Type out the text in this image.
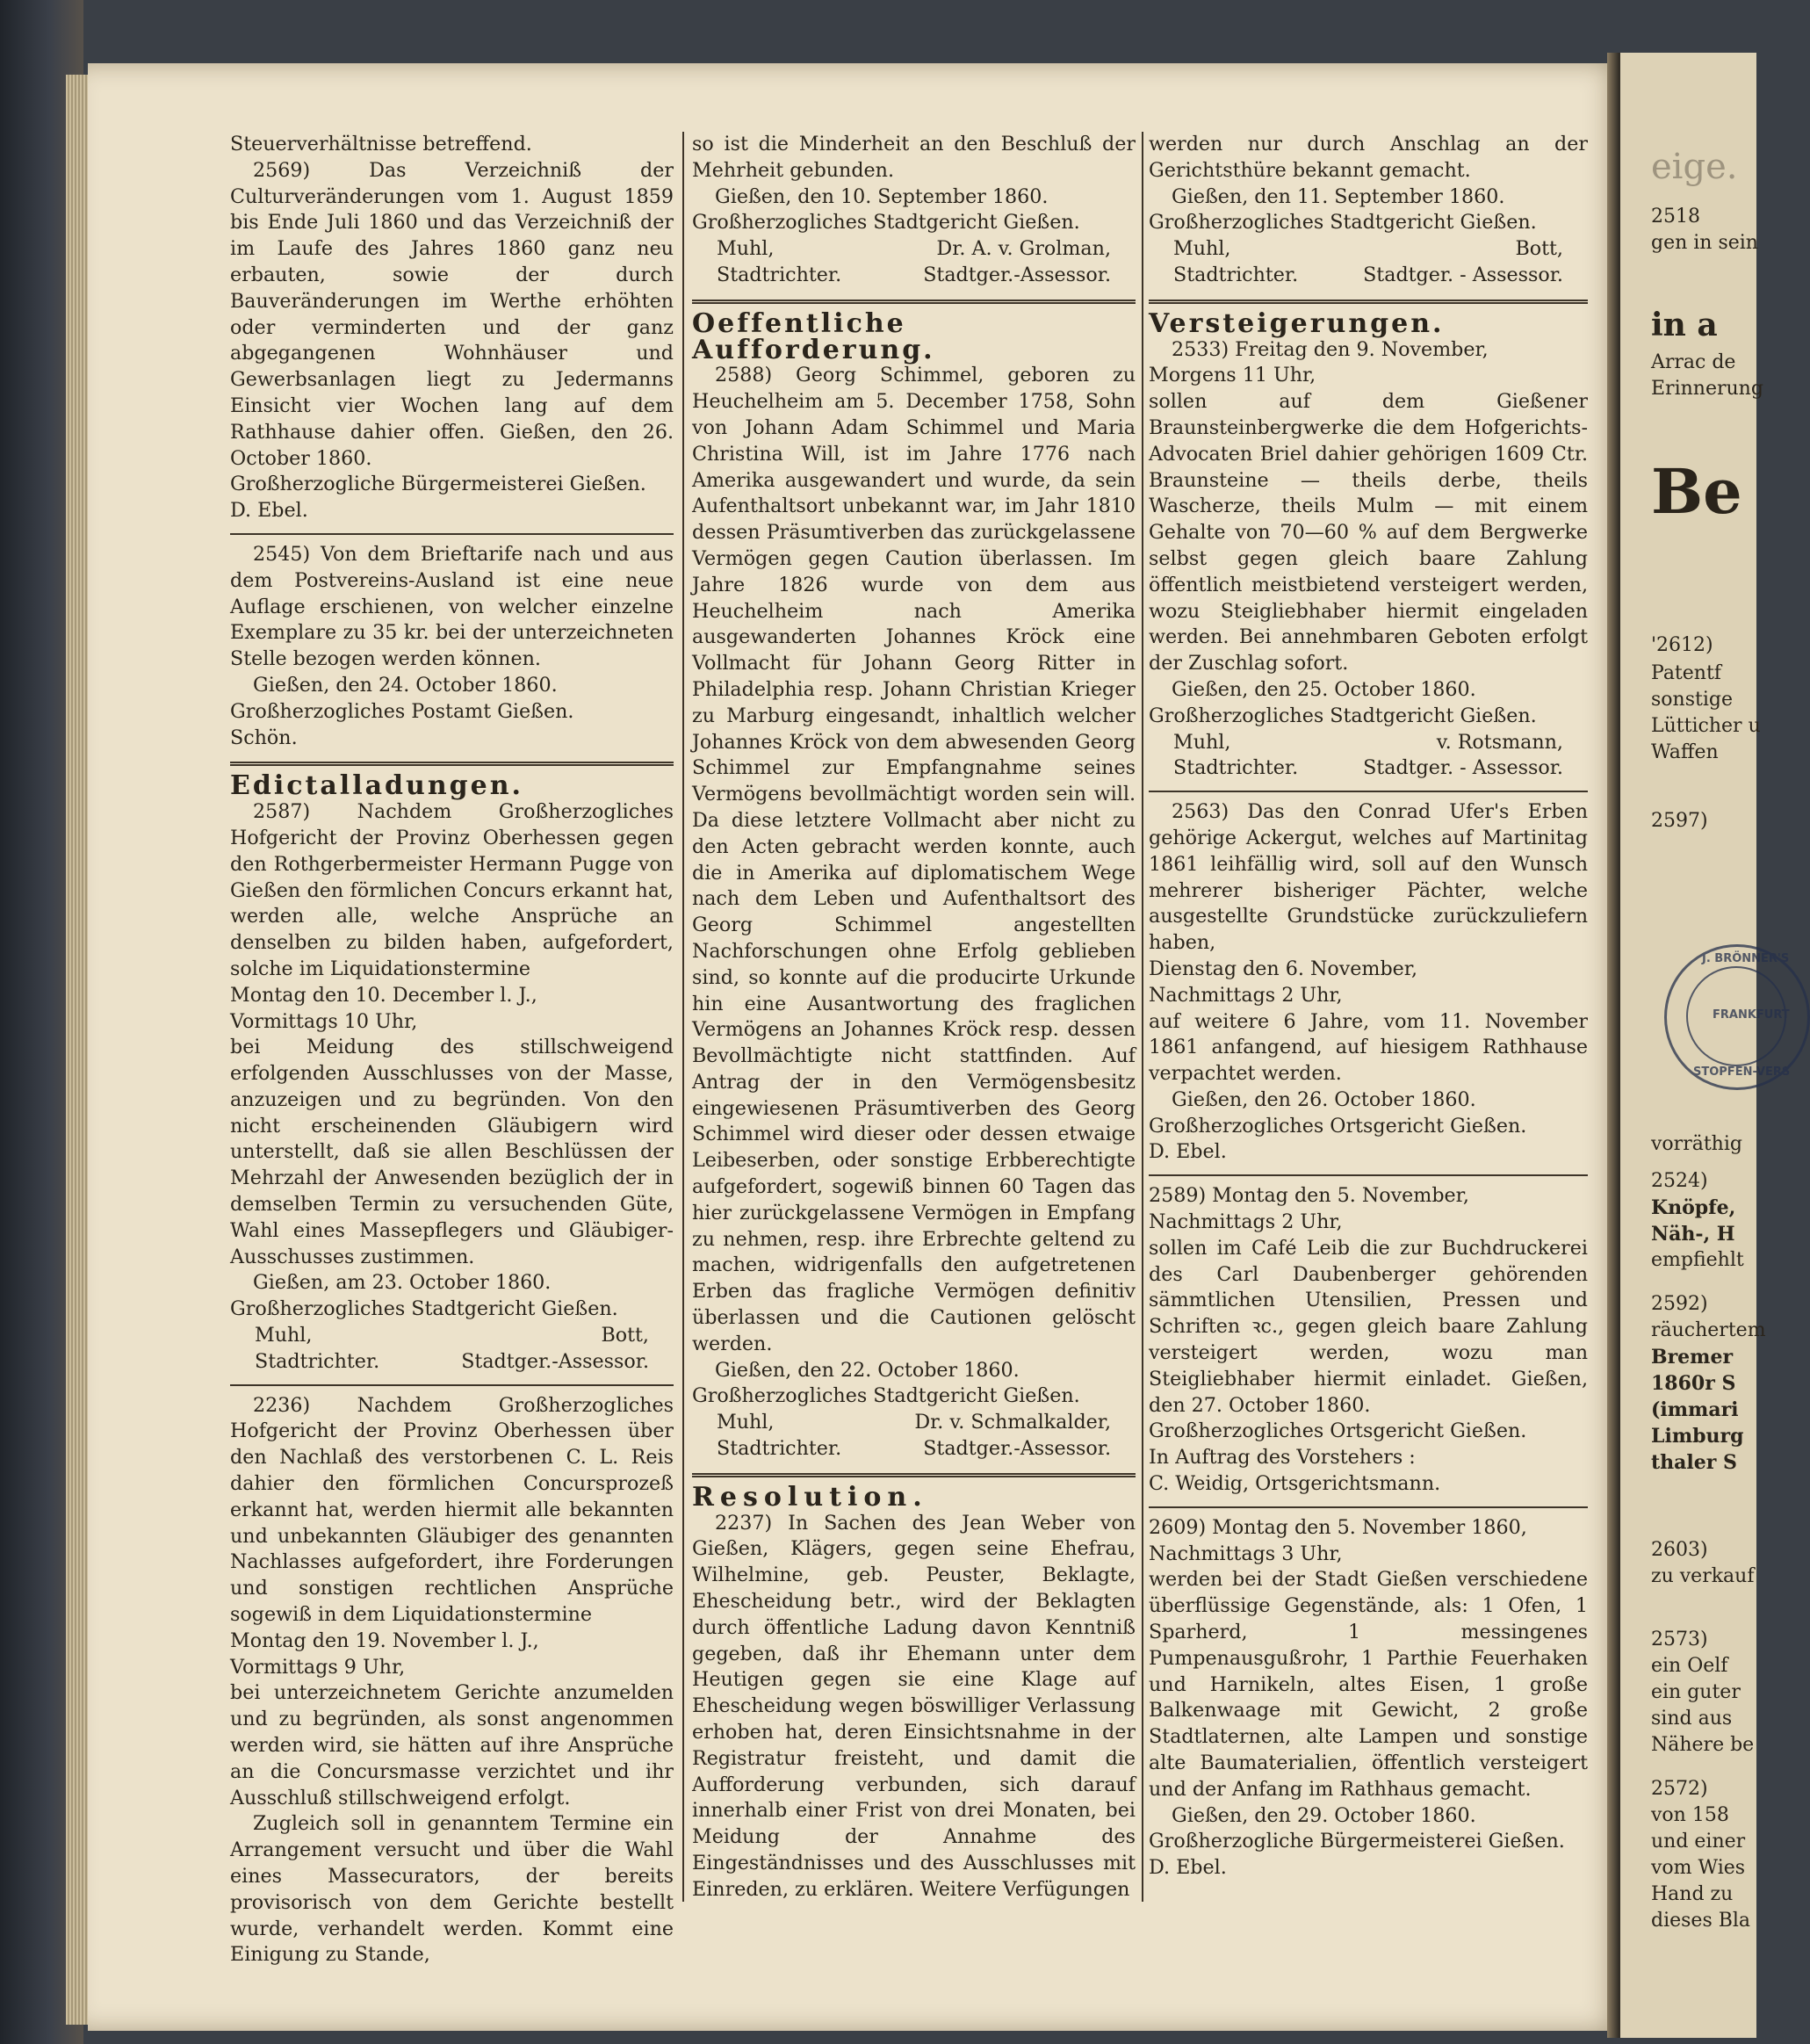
Steuerverhältnisse betreffend.

2569) Das Verzeichniß der Culturveränderungen vom 1. August 1859 bis Ende Juli 1860 und das Verzeichniß der im Laufe des Jahres 1860 ganz neu erbauten, sowie der durch Bauveränderungen im Werthe erhöhten oder verminderten und der ganz abgegangenen Wohnhäuser und Gewerbsanlagen liegt zu Jedermanns Einsicht vier Wochen lang auf dem Rathhause dahier offen. Gießen, den 26. October 1860.

Großherzogliche Bürgermeisterei Gießen.

D. Ebel.

2545) Von dem Brieftarife nach und aus dem Postvereins-Ausland ist eine neue Auflage erschienen, von welcher einzelne Exemplare zu 35 kr. bei der unterzeichneten Stelle bezogen werden können.

Gießen, den 24. October 1860.

Großherzogliches Postamt Gießen.

Schön.

Edictalladungen.

2587) Nachdem Großherzogliches Hofgericht der Provinz Oberhessen gegen den Rothgerbermeister Hermann Pugge von Gießen den förmlichen Concurs erkannt hat, werden alle, welche Ansprüche an denselben zu bilden haben, aufgefordert, solche im Liquidationstermine

Montag den 10. December l. J.,

Vormittags 10 Uhr,

bei Meidung des stillschweigend erfolgenden Ausschlusses von der Masse, anzuzeigen und zu begründen. Von den nicht erscheinenden Gläubigern wird unterstellt, daß sie allen Beschlüssen der Mehrzahl der Anwesenden bezüglich der in demselben Termin zu versuchenden Güte, Wahl eines Massepflegers und Gläubiger-Ausschusses zustimmen.

Gießen, am 23. October 1860.

Großherzogliches Stadtgericht Gießen.

Muhl,	Bott,
Stadtrichter.	Stadtger.-Assessor.

2236) Nachdem Großherzogliches Hofgericht der Provinz Oberhessen über den Nachlaß des verstorbenen C. L. Reis dahier den förmlichen Concursprozeß erkannt hat, werden hiermit alle bekannten und unbekannten Gläubiger des genannten Nachlasses aufgefordert, ihre Forderungen und sonstigen rechtlichen Ansprüche sogewiß in dem Liquidationstermine

Montag den 19. November l. J.,

Vormittags 9 Uhr,

bei unterzeichnetem Gerichte anzumelden und zu begründen, als sonst angenommen werden wird, sie hätten auf ihre Ansprüche an die Concursmasse verzichtet und ihr Ausschluß stillschweigend erfolgt.

Zugleich soll in genanntem Termine ein Arrangement versucht und über die Wahl eines Massecurators, der bereits provisorisch von dem Gerichte bestellt wurde, verhandelt werden. Kommt eine Einigung zu Stande,

so ist die Minderheit an den Beschluß der Mehrheit gebunden.

Gießen, den 10. September 1860.

Großherzogliches Stadtgericht Gießen.

Muhl,	Dr. A. v. Grolman,
Stadtrichter.	Stadtger.-Assessor.

Oeffentliche Aufforderung.

2588) Georg Schimmel, geboren zu Heuchelheim am 5. December 1758, Sohn von Johann Adam Schimmel und Maria Christina Will, ist im Jahre 1776 nach Amerika ausgewandert und wurde, da sein Aufenthaltsort unbekannt war, im Jahr 1810 dessen Präsumtiverben das zurückgelassene Vermögen gegen Caution überlassen. Im Jahre 1826 wurde von dem aus Heuchelheim nach Amerika ausgewanderten Johannes Kröck eine Vollmacht für Johann Georg Ritter in Philadelphia resp. Johann Christian Krieger zu Marburg eingesandt, inhaltlich welcher Johannes Kröck von dem abwesenden Georg Schimmel zur Empfangnahme seines Vermögens bevollmächtigt worden sein will. Da diese letztere Vollmacht aber nicht zu den Acten gebracht werden konnte, auch die in Amerika auf diplomatischem Wege nach dem Leben und Aufenthaltsort des Georg Schimmel angestellten Nachforschungen ohne Erfolg geblieben sind, so konnte auf die producirte Urkunde hin eine Ausantwortung des fraglichen Vermögens an Johannes Kröck resp. dessen Bevollmächtigte nicht stattfinden. Auf Antrag der in den Vermögensbesitz eingewiesenen Präsumtiverben des Georg Schimmel wird dieser oder dessen etwaige Leibeserben, oder sonstige Erbberechtigte aufgefordert, sogewiß binnen 60 Tagen das hier zurückgelassene Vermögen in Empfang zu nehmen, resp. ihre Erbrechte geltend zu machen, widrigenfalls den aufgetretenen Erben das fragliche Vermögen definitiv überlassen und die Cautionen gelöscht werden.

Gießen, den 22. October 1860.

Großherzogliches Stadtgericht Gießen.

Muhl,	Dr. v. Schmalkalder,
Stadtrichter.	Stadtger.-Assessor.

Resolution.

2237) In Sachen des Jean Weber von Gießen, Klägers, gegen seine Ehefrau, Wilhelmine, geb. Peuster, Beklagte, Ehescheidung betr., wird der Beklagten durch öffentliche Ladung davon Kenntniß gegeben, daß ihr Ehemann unter dem Heutigen gegen sie eine Klage auf Ehescheidung wegen böswilliger Verlassung erhoben hat, deren Einsichtsnahme in der Registratur freisteht, und damit die Aufforderung verbunden, sich darauf innerhalb einer Frist von drei Monaten, bei Meidung der Annahme des Eingeständnisses und des Ausschlusses mit Einreden, zu erklären. Weitere Verfügungen

werden nur durch Anschlag an der Gerichtsthüre bekannt gemacht.

Gießen, den 11. September 1860.

Großherzogliches Stadtgericht Gießen.

Muhl,	Bott,
Stadtrichter.	Stadtger. - Assessor.

Versteigerungen.

2533) Freitag den 9. November,

Morgens 11 Uhr,

sollen auf dem Gießener Braunsteinbergwerke die dem Hofgerichts-Advocaten Briel dahier gehörigen 1609 Ctr. Braunsteine — theils derbe, theils Wascherze, theils Mulm — mit einem Gehalte von 70—60 % auf dem Bergwerke selbst gegen gleich baare Zahlung öffentlich meistbietend versteigert werden, wozu Steigliebhaber hiermit eingeladen werden. Bei annehmbaren Geboten erfolgt der Zuschlag sofort.

Gießen, den 25. October 1860.

Großherzogliches Stadtgericht Gießen.

Muhl,	v. Rotsmann,
Stadtrichter.	Stadtger. - Assessor.

2563) Das den Conrad Ufer's Erben gehörige Ackergut, welches auf Martinitag 1861 leihfällig wird, soll auf den Wunsch mehrerer bisheriger Pächter, welche ausgestellte Grundstücke zurückzuliefern haben,

Dienstag den 6. November,

Nachmittags 2 Uhr,

auf weitere 6 Jahre, vom 11. November 1861 anfangend, auf hiesigem Rathhause verpachtet werden.

Gießen, den 26. October 1860.

Großherzogliches Ortsgericht Gießen.

D. Ebel.

2589) Montag den 5. November,

Nachmittags 2 Uhr,

sollen im Café Leib die zur Buchdruckerei des Carl Daubenberger gehörenden sämmtlichen Utensilien, Pressen und Schriften ꝛc., gegen gleich baare Zahlung versteigert werden, wozu man Steigliebhaber hiermit einladet. Gießen, den 27. October 1860.

Großherzogliches Ortsgericht Gießen.

In Auftrag des Vorstehers :

C. Weidig, Ortsgerichtsmann.

2609) Montag den 5. November 1860,

Nachmittags 3 Uhr,

werden bei der Stadt Gießen verschiedene überflüssige Gegenstände, als: 1 Ofen, 1 Sparherd, 1 messingenes Pumpenausgußrohr, 1 Parthie Feuerhaken und Harnikeln, altes Eisen, 1 große Balkenwaage mit Gewicht, 2 große Stadtlaternen, alte Lampen und sonstige alte Baumaterialien, öffentlich versteigert und der Anfang im Rathhaus gemacht.

Gießen, den 29. October 1860.

Großherzogliche Bürgermeisterei Gießen.

D. Ebel.

eige.
2518
gen in sein
in a
Arrac de
Erinnerung
Be
'2612)
Patentf
sonstige
Lütticher u
Waffen
2597)
J. BRÖNNER'S
FRANKFURT
STOPFEN-VERS
vorräthig
2524)
Knöpfe,
Näh-, H
empfiehlt
2592)
räuchertem
Bremer
1860r S
(immari
Limburg
thaler S
2603)
zu verkauf
2573)
ein Oelf
ein guter
sind aus
Nähere be
2572)
von 158
und einer
vom Wies
Hand zu
dieses Bla
